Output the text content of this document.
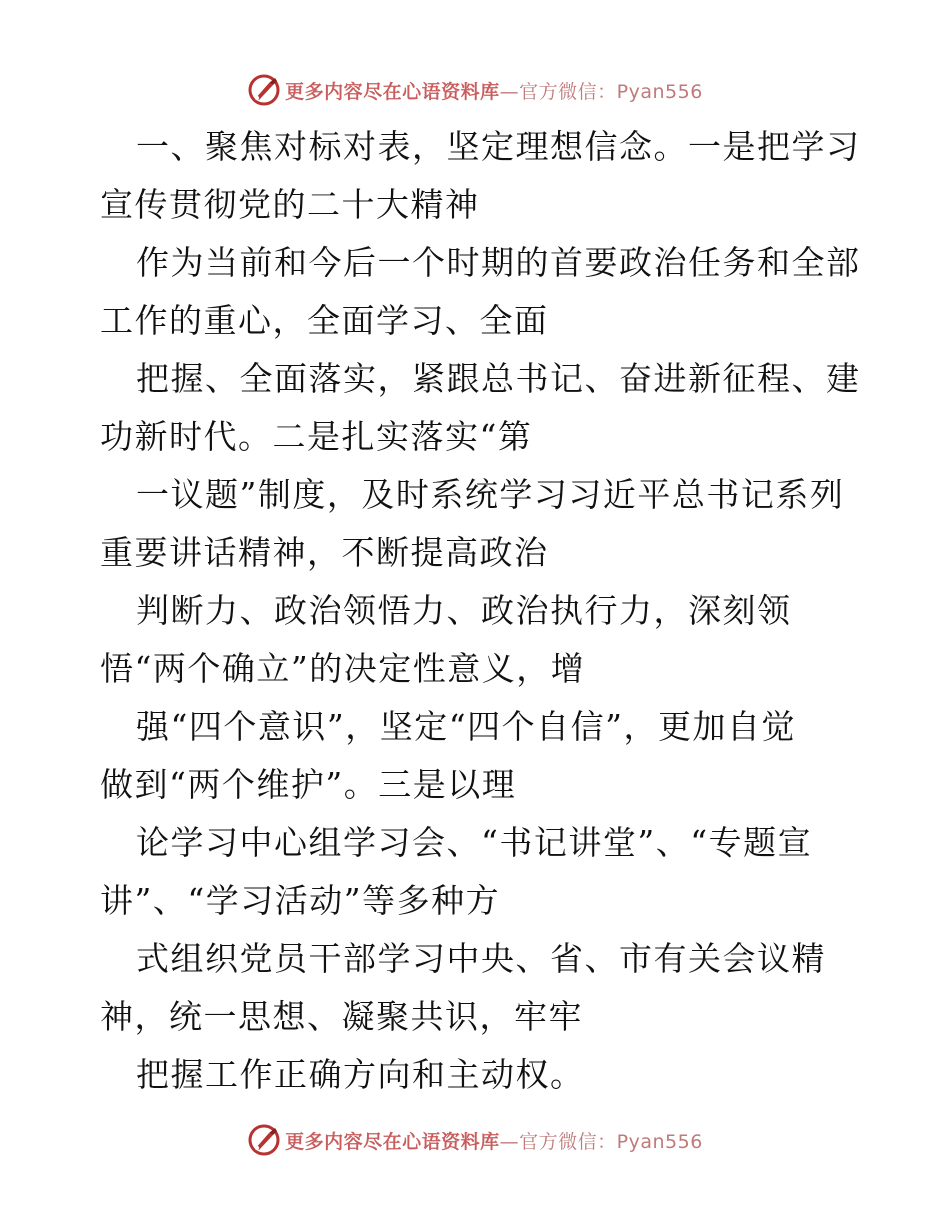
更多内容尽在心语资料库—官方微信：Pyan556
一、聚焦对标对表，坚定理想信念。一是把学习
宣传贯彻党的二十大精神
作为当前和今后一个时期的首要政治任务和全部
工作的重心，全面学习、全面
把握、全面落实，紧跟总书记、奋进新征程、建
功新时代。二是扎实落实“第
一议题”制度，及时系统学习习近平总书记系列
重要讲话精神，不断提高政治
判断力、政治领悟力、政治执行力，深刻领
悟“两个确立”的决定性意义，增
强“四个意识”，坚定“四个自信”，更加自觉
做到“两个维护”。三是以理
论学习中心组学习会、“书记讲堂”、“专题宣
讲”、“学习活动”等多种方
式组织党员干部学习中央、省、市有关会议精
神，统一思想、凝聚共识，牢牢
把握工作正确方向和主动权。
更多内容尽在心语资料库—官方微信：Pyan556
